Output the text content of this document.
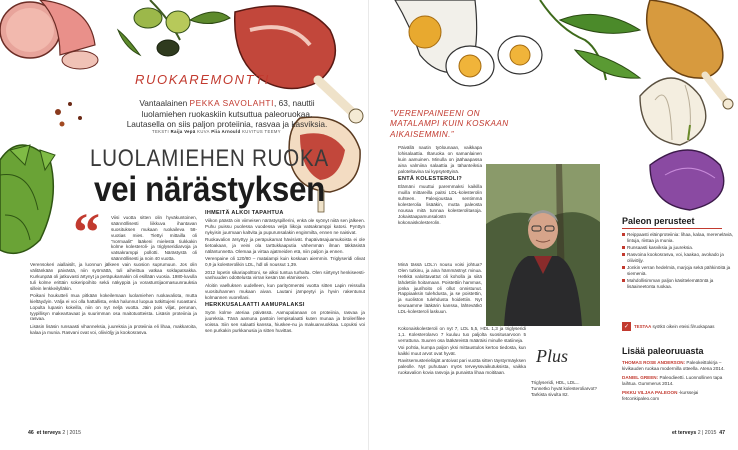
RUOKAREMONTTI
Vantaalainen PEKKA SAVOLAHTI, 63, nauttii luolamiehen ruokaskiin kutsuttua paleoruokaa. Lautasella on siis paljon proteiinia, rasvaa ja kasviksia.
TEKSTI Raija Vepä KUVA Piia Arnould KUVITUS TEEMY
LUOLAMIEHEN RUOKA
vei närästyksen
“ Viisi vuotta sitten olin hyväkuntoinen, säännöllisesti liikkuva ihantavan suosituksen mukaan ruokaileva 58-vuotias mies. Tiettyi mittailla oli ”normaalit” lääkeni mielestä tiukkakin kolme kolesteroli- ja triglyseridiarvoja ja vatsakramppi pollotti. Närästystä oli säännöllisesti ja noin 40 vuotta.

Verensokeri aiallaisilt, ja luonnun jälkeen vain suosion suprumuun. Jos olin välitänkään päivästä, niin syömättä, tuli aiheittua vatkaa soklapatsakka. Kurkunpää oli jatkuvasti ärtynyt ja peräpukamakin oli esillään vuosia. 1980-luvulla tuli kolme erittäin sokeripoihito seká näkyppiä ja vorastuntijaomasuunrauksia sillein lenkkeilylläkin.

Poikani houkutteli mua pitkään kokeilemaan luolamiehen ruokavaliota, mutta kieltäydyin. Välja ei voi olla hattallista, enkä halunnut luopua tutkittujeni ruoastani. Lopulta lupasin kokeilla, niin on nyt neljä vuotta. Jäin pois viljat, perunan, tyypillisyn makeartavaat ja suurimman osa maitotuotteista. Lisäsin proteiinia ja rasvaa.

Lisäsin lisäsin runsaasti vihanneksia, juureksia ja proteiinia eli lihaa, makkaroita, kalaa ja munia. Rasvani ovat voi, oliiviöljy ja kookosrasva.

IHMEITÄ ALKOI TAPAHTUA

Viikon päästä oin viimeisen närästyspillerini, enkä ole syönyt niitä sen jälkeen. Puhu puissu puolessa vuodessa veljä liikoja vatsakramppi katosi. Pynttyn nykyisin juurmaan kaltvita ja pupurunsalakin enginmilta, ennen ne naisivat.

Ruokavalion ärsyttyy ja peräpukamat hävisivät. Ihapäiväsajuamukoista ei ole tietoakaan, ja veini ola tarttukkaaputia vähemmän ilman täkkäsistä näläntunnetta. Olemaa ja virtaa ajatmeiden etä, niin paljon ja ennen.

Verenpaine oli 120/80 – matalampi kuin koskaan aiemmin. Triglyseridi olivat 0,9 ja kolesterolikin LDL, hdl oli noussut 1,39.

2012 lopetin sikariapolttoni, se alkoi tuntua turhalta. Olen siirtynyt henkiseesti-vanhuuden odottelusta virran kesän tän elämiseen.

Aloitin vaelluksen uudelleen, kun parityömentsi vuotta sitten Lapin reissulla vuosituhannen mukaan aivan. Lautani jämpeytyi ja hyvin rakentunut kolmannen vuorellani.

HERKKUSALAATTI AAMUPALAKSI

Syön kolme ateriaa päivässä. Aamupalanaan on proteiinia, rasvaa ja juureksia. Tänä aamuna pastoin lempisalaatti kuten munaa ja broilerifilee voissa. Siin sen salaatti kanssa, hiuskee-nu ja makuanvuokkaa. Lopuksi voi sen purkakin purkkanusia ja sitten huvittas.

46 et terveys 2 | 2015
”VERENPAINEENI ON MATALAMPI KUIN KOSKAAN AIKAISEMMIN.”

Päivällä nautin työlounaan, vaikkapa lohisalaattia. Iltaruoka on samanlainen kuin aamuinen. Minulla on jäähaapassa aina valmiina salaattia ja tähanteiksia paloteltavina tai kypsytettyinä.

ENTÄ KOLESTEROLI?

Elämäni muuttui paremmaksi kaikilla muilla mittareilla paitsi LDL-kolesterolin suhteen. Paleojoustaa sentimmä kolesterolia lisääkin, mutta paleosta nousaa mitä tunnaa kolesterolitasoja. Jokaistaapamunsalostn kokonaiskolesterolin.

Minä tässä LDL:n nousu voisi johtua? Olen tutkinu, ja aina hämmästnyt minua. Hetkkä valoittavattut oli koholla ja siitä lähdettiin hoitamaan. Poistettiin hammas, jonka juurihoito oli ollut onnistunut. Rappiaaksin tulehdusta, ja se poistettin, ja suoliston tulehdusta hoidettiin. Nyt seuraamme lääkärin kanssa, lähtevätkö LDL-kolesteroli laskuun.

Kokonaiskolesteroli on nyt 7, LDL 5,5, HDL 1,3 ja triglyseridi 1,1. Kolesterolarvo 7 kuuluu tuo paljolta suositusarvoon 5 verrattuna. Suuren osa lääkäreistä määräisi minulle statiineja.

Voi pohtia, kumpa paljon yksi mittaustulos kertoo tiedosta, kun kaikki muut arvot ovat hyvät.

Ravitsemusterieliäjät antoivat pari vuotta sitten täystyrmäyksen paleolle. Nyt puhutaan myös terveyssvaikutuksista, vaikka ruokavalion kovia rasvoja ja punaista lihaa moititaan.

Plus
Triglyseridi, HDL, LDL... Tunnetko hyvät kolesteroliarvot? Tarkista sivulta 82.
Paleon perusteet
Reippaasti eläinproteiinia: lihaa, kalaa, mereneläviä, lintuja, riistaa ja munia.
Runsaasti kasviksia ja juureksia.
Rasvoina kookosrasva, voi, kaakao, avokado ja oliiviöljy.
Jonkin verran hedelmiä, marjoja sekä pähkinöitä ja siemeniä.
Mahdollisimman paljon käsittelemätöntä ja lisäaineetonta ruokaa.
✓	TESTAA syötkö oikein eteisi.fi/ruokapaas
Lisää paleoruuasta
THOMAS ROSE ANDERSON: Paleokeittokirja – kivikauden ruokaa modernilla otteella. Atena 2014.
DANIEL GREEN: Paleodieetti. Luonnollinen tapa laihtua. Gummerus 2014.
PIKKU VILJAA PALEOON -kurssejai fetconkipaleo.com
et terveys 2 | 2015 47
